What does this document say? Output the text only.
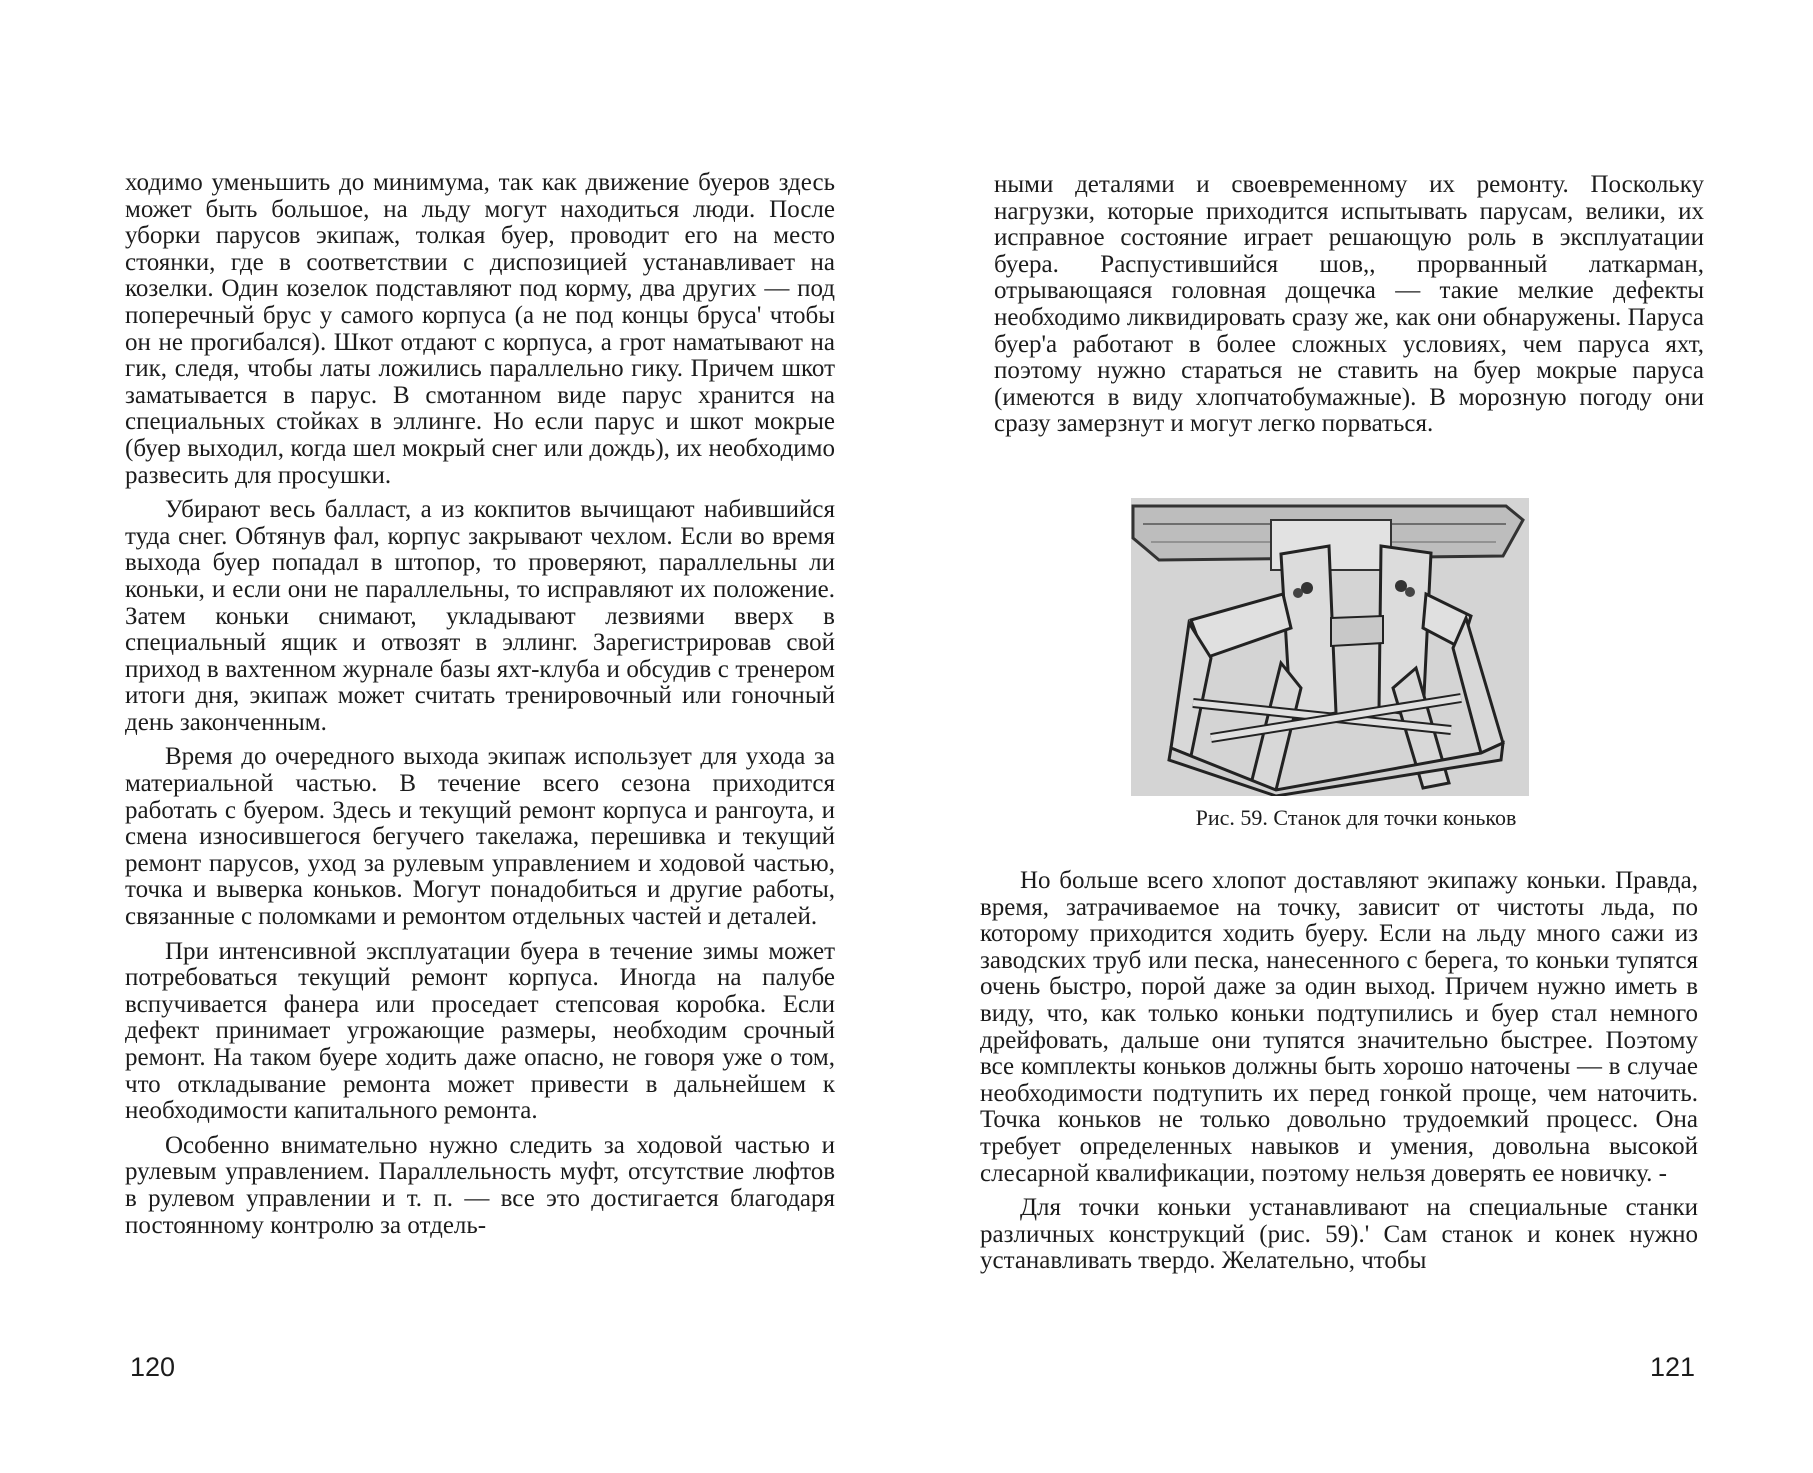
ходимо уменьшить до минимума, так как движение буеров здесь может быть большое, на льду могут находиться люди. После уборки парусов экипаж, толкая буер, проводит его на место стоянки, где в соответствии с диспозицией устанавливает на козелки. Один козелок подставляют под корму, два других — под поперечный брус у самого корпуса (а не под концы бруса' чтобы он не прогибался). Шкот отдают с корпуса, а грот наматывают на гик, следя, чтобы латы ложились параллельно гику. Причем шкот заматывается в парус. В смотанном виде парус хранится на специальных стойках в эллинге. Но если парус и шкот мокрые (буер выходил, когда шел мокрый снег или дождь), их необходимо развесить для просушки.

Убирают весь балласт, а из кокпитов вычищают набившийся туда снег. Обтянув фал, корпус закрывают чехлом. Если во время выхода буер попадал в штопор, то проверяют, параллельны ли коньки, и если они не параллельны, то исправляют их положение. Затем коньки снимают, укладывают лезвиями вверх в специальный ящик и отвозят в эллинг. Зарегистрировав свой приход в вахтенном журнале базы яхт-клуба и обсудив с тренером итоги дня, экипаж может считать тренировочный или гоночный день законченным.

Время до очередного выхода экипаж использует для ухода за материальной частью. В течение всего сезона приходится работать с буером. Здесь и текущий ремонт корпуса и рангоута, и смена износившегося бегучего такелажа, перешивка и текущий ремонт парусов, уход за рулевым управлением и ходовой частью, точка и выверка коньков. Могут понадобиться и другие работы, связанные с поломками и ремонтом отдельных частей и деталей.

При интенсивной эксплуатации буера в течение зимы может потребоваться текущий ремонт корпуса. Иногда на палубе вспучивается фанера или проседает степсовая коробка. Если дефект принимает угрожающие размеры, необходим срочный ремонт. На таком буере ходить даже опасно, не говоря уже о том, что откладывание ремонта может привести в дальнейшем к необходимости капитального ремонта.

Особенно внимательно нужно следить за ходовой частью и рулевым управлением. Параллельность муфт, отсутствие люфтов в рулевом управлении и т. п. — все это достигается благодаря постоянному контролю за отдель-

120

ными деталями и своевременному их ремонту. Поскольку нагрузки, которые приходится испытывать парусам, велики, их исправное состояние играет решающую роль в эксплуатации буера. Распустившийся шов,, прорванный латкарман, отрывающаяся головная дощечка — такие мелкие дефекты необходимо ликвидировать сразу же, как они обнаружены. Паруса буер'а работают в более сложных условиях, чем паруса яхт, поэтому нужно стараться не ставить на буер мокрые паруса (имеются в виду хлопчатобумажные). В морозную погоду они сразу замерзнут и могут легко порваться.

Рис. 59. Станок для точки коньков

Но больше всего хлопот доставляют экипажу коньки. Правда, время, затрачиваемое на точку, зависит от чистоты льда, по которому приходится ходить буеру. Если на льду много сажи из заводских труб или песка, нанесенного с берега, то коньки тупятся очень быстро, порой даже за один выход. Причем нужно иметь в виду, что, как только коньки подтупились и буер стал немного дрейфовать, дальше они тупятся значительно быстрее. Поэтому все комплекты коньков должны быть хорошо наточены — в случае необходимости подтупить их перед гонкой проще, чем наточить. Точка коньков не только довольно трудоемкий процесс. Она требует определенных навыков и умения, довольна высокой слесарной квалификации, поэтому нельзя доверять ее новичку. -

Для точки коньки устанавливают на специальные станки различных конструкций (рис. 59).' Сам станок и конек нужно устанавливать твердо. Желательно, чтобы

121
